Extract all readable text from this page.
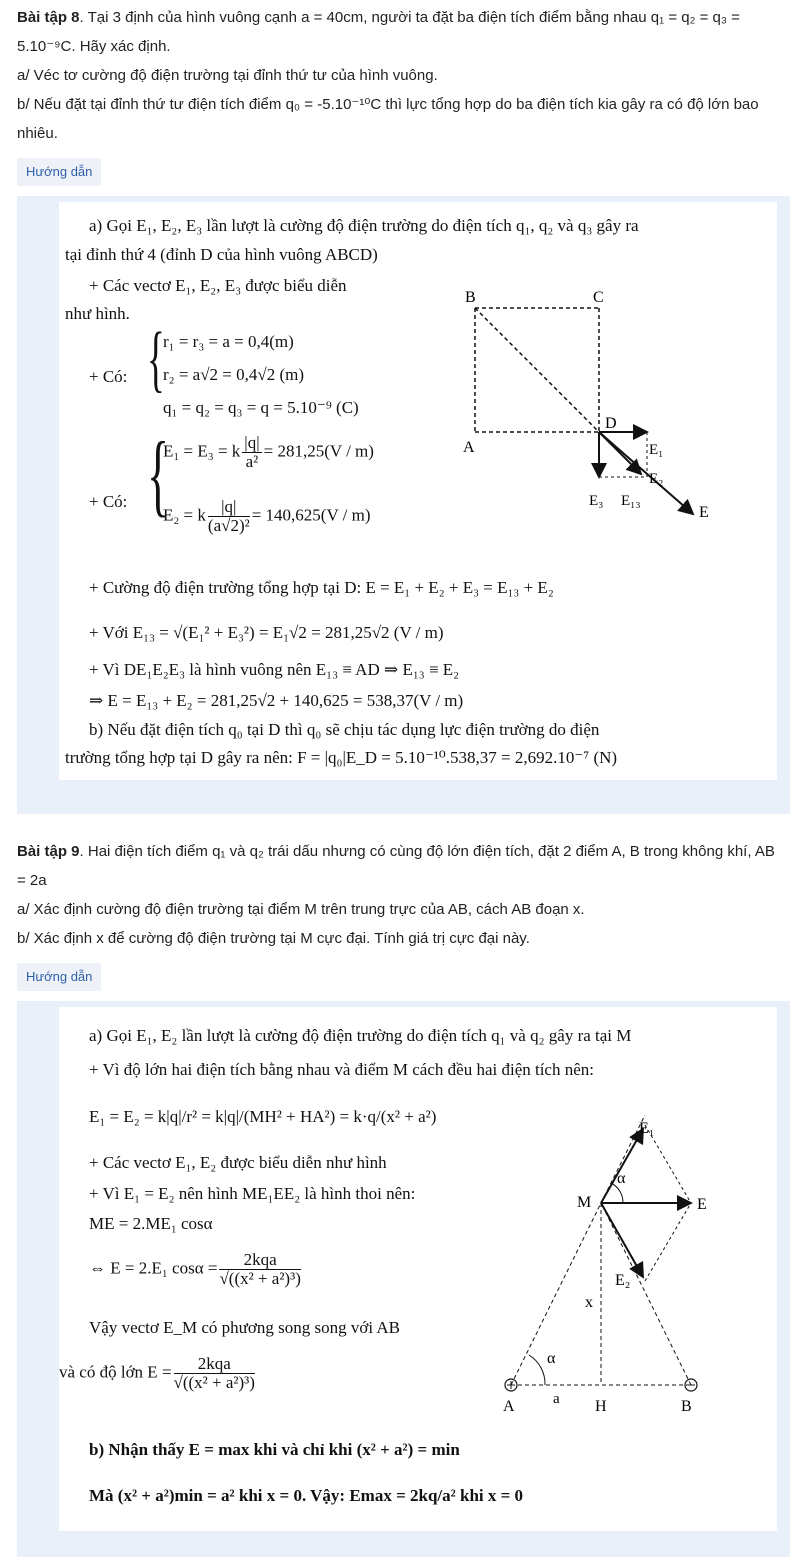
Bài tập 8. Tại 3 định của hình vuông cạnh a = 40cm, người ta đặt ba điện tích điểm bằng nhau q₁ = q₂ = q₃ = 5.10⁻⁹C. Hãy xác định.

a/ Véc tơ cường độ điện trường tại đỉnh thứ tư của hình vuông.

b/ Nếu đặt tại đỉnh thứ tư điện tích điểm q₀ = -5.10⁻¹⁰C thì lực tổng hợp do ba điện tích kia gây ra có độ lớn bao nhiêu.

Hướng dẫn
a) Gọi E₁, E₂, E₃ lần lượt là cường độ điện trường do điện tích q₁, q₂ và q₃ gây ra
tại đỉnh thứ 4 (đỉnh D của hình vuông ABCD)
+ Các vectơ E₁, E₂, E₃ được biểu diễn
như hình.
+ Có: {
r₁ = r₃ = a = 0,4(m)
r₂ = a√2 = 0,4√2 (m)
q₁ = q₂ = q₃ = q = 5.10⁻⁹ (C)
+ Có: {
E₁ = E₃ = k $\frac{|q|}{\text{a²}} = 281,25(V / m)$
E₂ = k $\frac{|q|}{\text{(a√2)²}} = 140,625(V / m)$
+ Cường độ điện trường tổng hợp tại D: E = E₁ + E₂ + E₃ = E₁₃ + E₂
+ Với E₁₃ = √(E₁² + E₃²) = E₁√2 = 281,25√2 (V / m)
+ Vì DE₁E₂E₃ là hình vuông nên E₁₃ ≡ AD ⇒ E₁₃ ≡ E₂
⇒ E = E₁₃ + E₂ = 281,25√2 + 140,625 = 538,37(V / m)
b) Nếu đặt điện tích q₀ tại D thì q₀ sẽ chịu tác dụng lực điện trường do điện
trường tổng hợp tại D gây ra nên: F = |q₀|E_D = 5.10⁻¹⁰.538,37 = 2,692.10⁻⁷ (N)
B	C
A
D
E₁
E₂
E₃ E₁₃
E

Bài tập 9. Hai điện tích điểm q₁ và q₂ trái dấu nhưng có cùng độ lớn điện tích, đặt 2 điểm A, B trong không khí, AB = 2a

a/ Xác định cường độ điện trường tại điểm M trên trung trực của AB, cách AB đoạn x.

b/ Xác định x để cường độ điện trường tại M cực đại. Tính giá trị cực đại này.

Hướng dẫn
a) Gọi E₁, E₂ lần lượt là cường độ điện trường do điện tích q₁ và q₂ gây ra tại M
+ Vì độ lớn hai điện tích bằng nhau và điểm M cách đều hai điện tích nên:
E₁ = E₂ = k|q|/r² = k|q|/(MH² + HA²) = k·q/(x² + a²)
+ Các vectơ E₁, E₂ được biểu diễn như hình
+ Vì E₁ = E₂ nên hình ME₁EE₂ là hình thoi nên:
ME = 2.ME₁ cosα
⇔ E = 2.E₁ $\cos\alpha = \frac{\text{2kqa}}{\text{√((x² + a²)³)}}$
Vậy vectơ E_M có phương song song với AB
và có độ lớn $E = \frac{\text{2kqa}}{\text{√((x² + a²)³)}}$
b) Nhận thấy E = max khi và chỉ khi (x² + a²) = min
Mà (x² + a²)min = a² khi x = 0. Vậy: Emax = 2kq/a² khi x = 0
E₁
E₂
E
M
α
α
x
A	B
H
a
